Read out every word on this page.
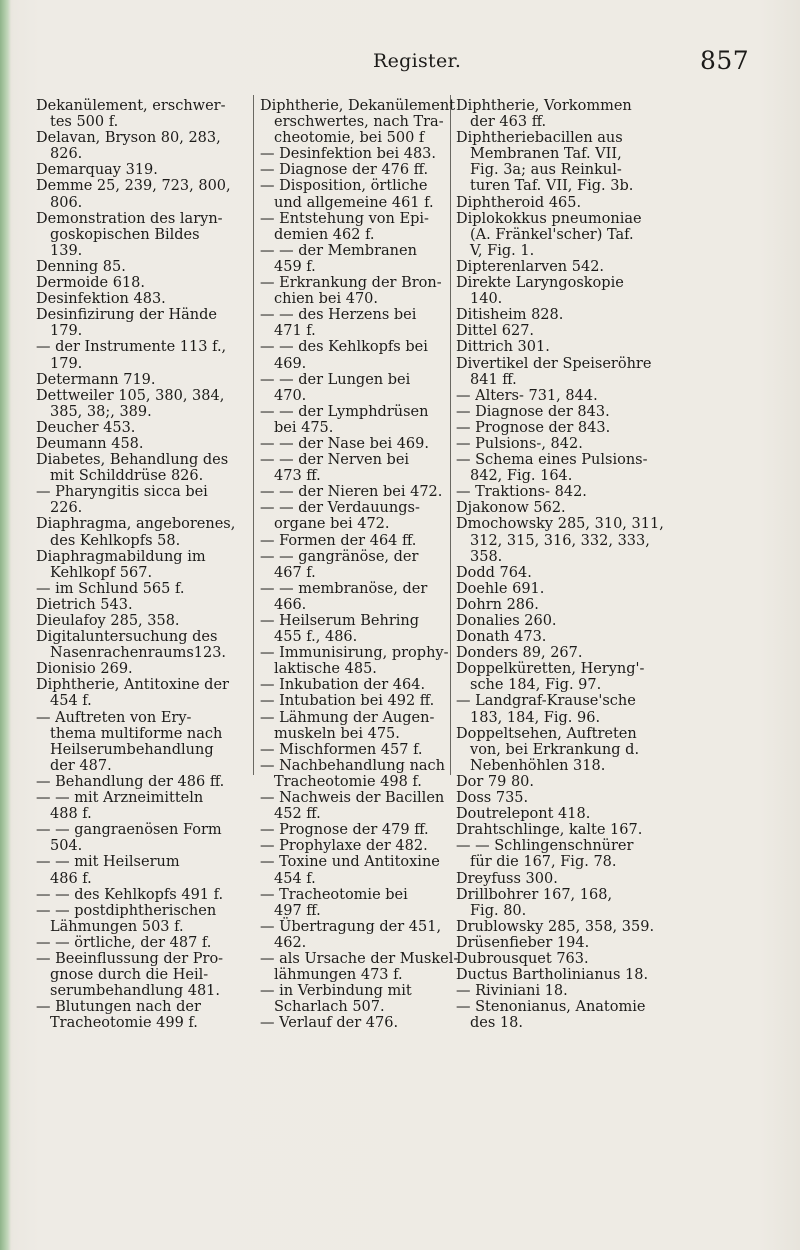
Register.	857
Dekanülement, erschwer-
tes 500 f.
Delavan, Bryson 80, 283,
826.
Demarquay 319.
Demme 25, 239, 723, 800,
806.
Demonstration des laryn-
goskopischen Bildes
139.
Denning 85.
Dermoide 618.
Desinfektion 483.
Desinfizirung der Hände
179.
— der Instrumente 113 f.,
179.
Determann 719.
Dettweiler 105, 380, 384,
385, 38;, 389.
Deucher 453.
Deumann 458.
Diabetes, Behandlung des
mit Schilddrüse 826.
— Pharyngitis sicca bei
226.
Diaphragma, angeborenes,
des Kehlkopfs 58.
Diaphragmabildung im
Kehlkopf 567.
— im Schlund 565 f.
Dietrich 543.
Dieulafoy 285, 358.
Digitaluntersuchung des
Nasenrachenraums123.
Dionisio 269.
Diphtherie, Antitoxine der
454 f.
— Auftreten von Ery-
thema multiforme nach
Heilserumbehandlung
der 487.
— Behandlung der 486 ff.
— — mit Arzneimitteln
488 f.
— — gangraenösen Form
504.
— — mit Heilserum
486 f.
— — des Kehlkopfs 491 f.
— — postdiphtherischen
Lähmungen 503 f.
— — örtliche, der 487 f.
— Beeinflussung der Pro-
gnose durch die Heil-
serumbehandlung 481.
— Blutungen nach der
Tracheotomie 499 f.
Diphtherie, Dekanülement
erschwertes, nach Tra-
cheotomie, bei 500 f
— Desinfektion bei 483.
— Diagnose der 476 ff.
— Disposition, örtliche
und allgemeine 461 f.
— Entstehung von Epi-
demien 462 f.
— — der Membranen
459 f.
— Erkrankung der Bron-
chien bei 470.
— — des Herzens bei
471 f.
— — des Kehlkopfs bei
469.
— — der Lungen bei
470.
— — der Lymphdrüsen
bei 475.
— — der Nase bei 469.
— — der Nerven bei
473 ff.
— — der Nieren bei 472.
— — der Verdauungs-
organe bei 472.
— Formen der 464 ff.
— — gangränöse, der
467 f.
— — membranöse, der
466.
— Heilserum Behring
455 f., 486.
— Immunisirung, prophy-
laktische 485.
— Inkubation der 464.
— Intubation bei 492 ff.
— Lähmung der Augen-
muskeln bei 475.
— Mischformen 457 f.
— Nachbehandlung nach
Tracheotomie 498 f.
— Nachweis der Bacillen
452 ff.
— Prognose der 479 ff.
— Prophylaxe der 482.
— Toxine und Antitoxine
454 f.
— Tracheotomie bei
497 ff.
— Übertragung der 451,
462.
— als Ursache der Muskel-
lähmungen 473 f.
— in Verbindung mit
Scharlach 507.
— Verlauf der 476.
Diphtherie, Vorkommen
der 463 ff.
Diphtheriebacillen aus
Membranen Taf. VII,
Fig. 3a; aus Reinkul-
turen Taf. VII, Fig. 3b.
Diphtheroid 465.
Diplokokkus pneumoniae
(A. Fränkel'scher) Taf.
V, Fig. 1.
Dipterenlarven 542.
Direkte Laryngoskopie
140.
Ditisheim 828.
Dittel 627.
Dittrich 301.
Divertikel der Speiseröhre
841 ff.
— Alters- 731, 844.
— Diagnose der 843.
— Prognose der 843.
— Pulsions-, 842.
— Schema eines Pulsions-
842, Fig. 164.
— Traktions- 842.
Djakonow 562.
Dmochowsky 285, 310, 311,
312, 315, 316, 332, 333,
358.
Dodd 764.
Doehle 691.
Dohrn 286.
Donalies 260.
Donath 473.
Donders 89, 267.
Doppelküretten, Heryng'-
sche 184, Fig. 97.
— Landgraf-Krause'sche
183, 184, Fig. 96.
Doppeltsehen, Auftreten
von, bei Erkrankung d.
Nebenhöhlen 318.
Dor 79 80.
Doss 735.
Doutrelepont 418.
Drahtschlinge, kalte 167.
— — Schlingenschnürer
für die 167, Fig. 78.
Dreyfuss 300.
Drillbohrer 167, 168,
Fig. 80.
Drublowsky 285, 358, 359.
Drüsenfieber 194.
Dubrousquet 763.
Ductus Bartholinianus 18.
— Riviniani 18.
— Stenonianus, Anatomie
des 18.
